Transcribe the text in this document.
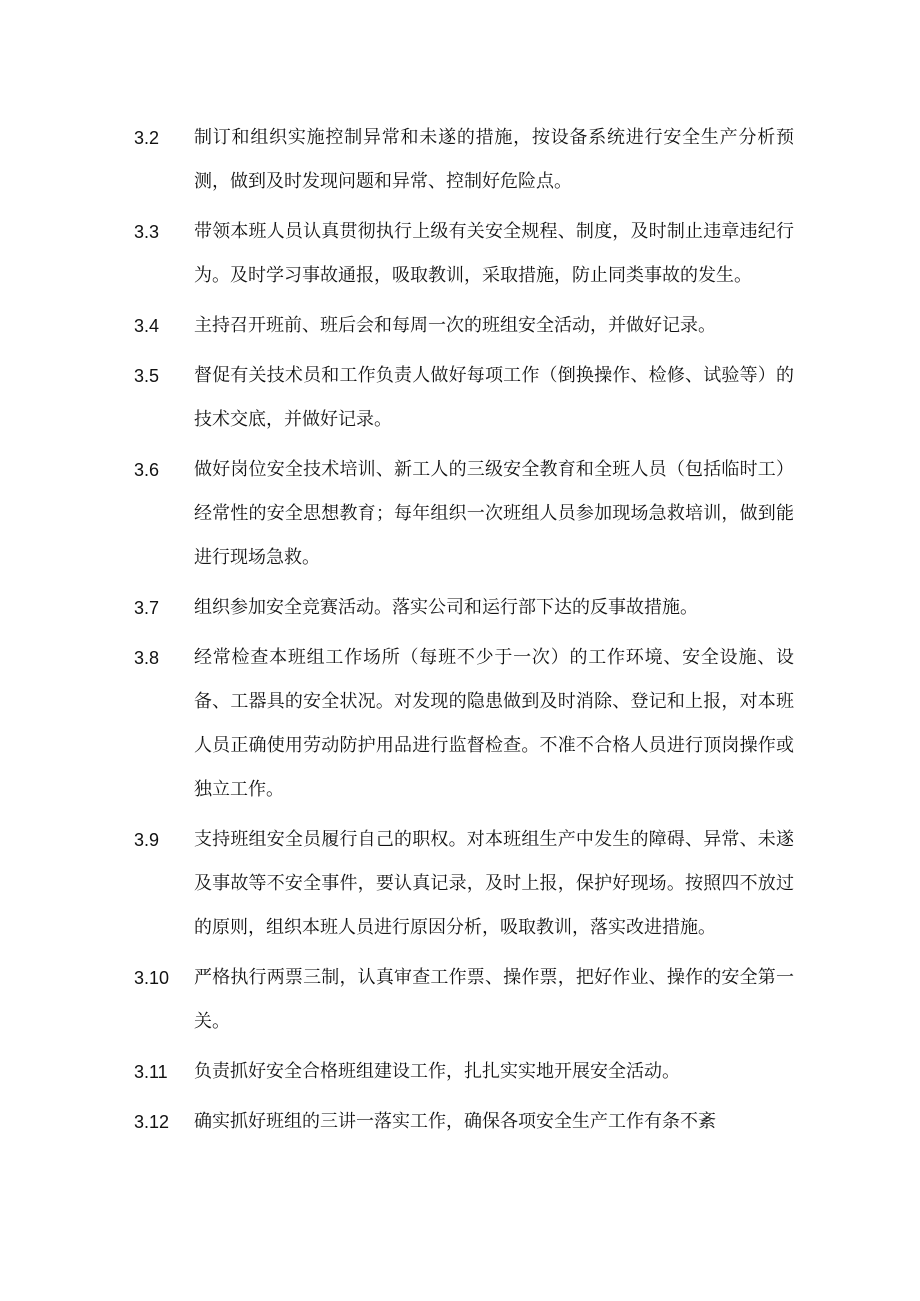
3.2 制订和组织实施控制异常和未遂的措施，按设备系统进行安全生产分析预测，做到及时发现问题和异常、控制好危险点。

3.3 带领本班人员认真贯彻执行上级有关安全规程、制度，及时制止违章违纪行为。及时学习事故通报，吸取教训，采取措施，防止同类事故的发生。

3.4 主持召开班前、班后会和每周一次的班组安全活动，并做好记录。

3.5 督促有关技术员和工作负责人做好每项工作（倒换操作、检修、试验等）的技术交底，并做好记录。

3.6 做好岗位安全技术培训、新工人的三级安全教育和全班人员（包括临时工）经常性的安全思想教育；每年组织一次班组人员参加现场急救培训，做到能进行现场急救。

3.7 组织参加安全竞赛活动。落实公司和运行部下达的反事故措施。

3.8 经常检查本班组工作场所（每班不少于一次）的工作环境、安全设施、设备、工器具的安全状况。对发现的隐患做到及时消除、登记和上报，对本班人员正确使用劳动防护用品进行监督检查。不准不合格人员进行顶岗操作或独立工作。

3.9 支持班组安全员履行自己的职权。对本班组生产中发生的障碍、异常、未遂及事故等不安全事件，要认真记录，及时上报，保护好现场。按照四不放过的原则，组织本班人员进行原因分析，吸取教训，落实改进措施。

3.10 严格执行两票三制，认真审查工作票、操作票，把好作业、操作的安全第一关。

3.11 负责抓好安全合格班组建设工作，扎扎实实地开展安全活动。

3.12 确实抓好班组的三讲一落实工作，确保各项安全生产工作有条不紊
